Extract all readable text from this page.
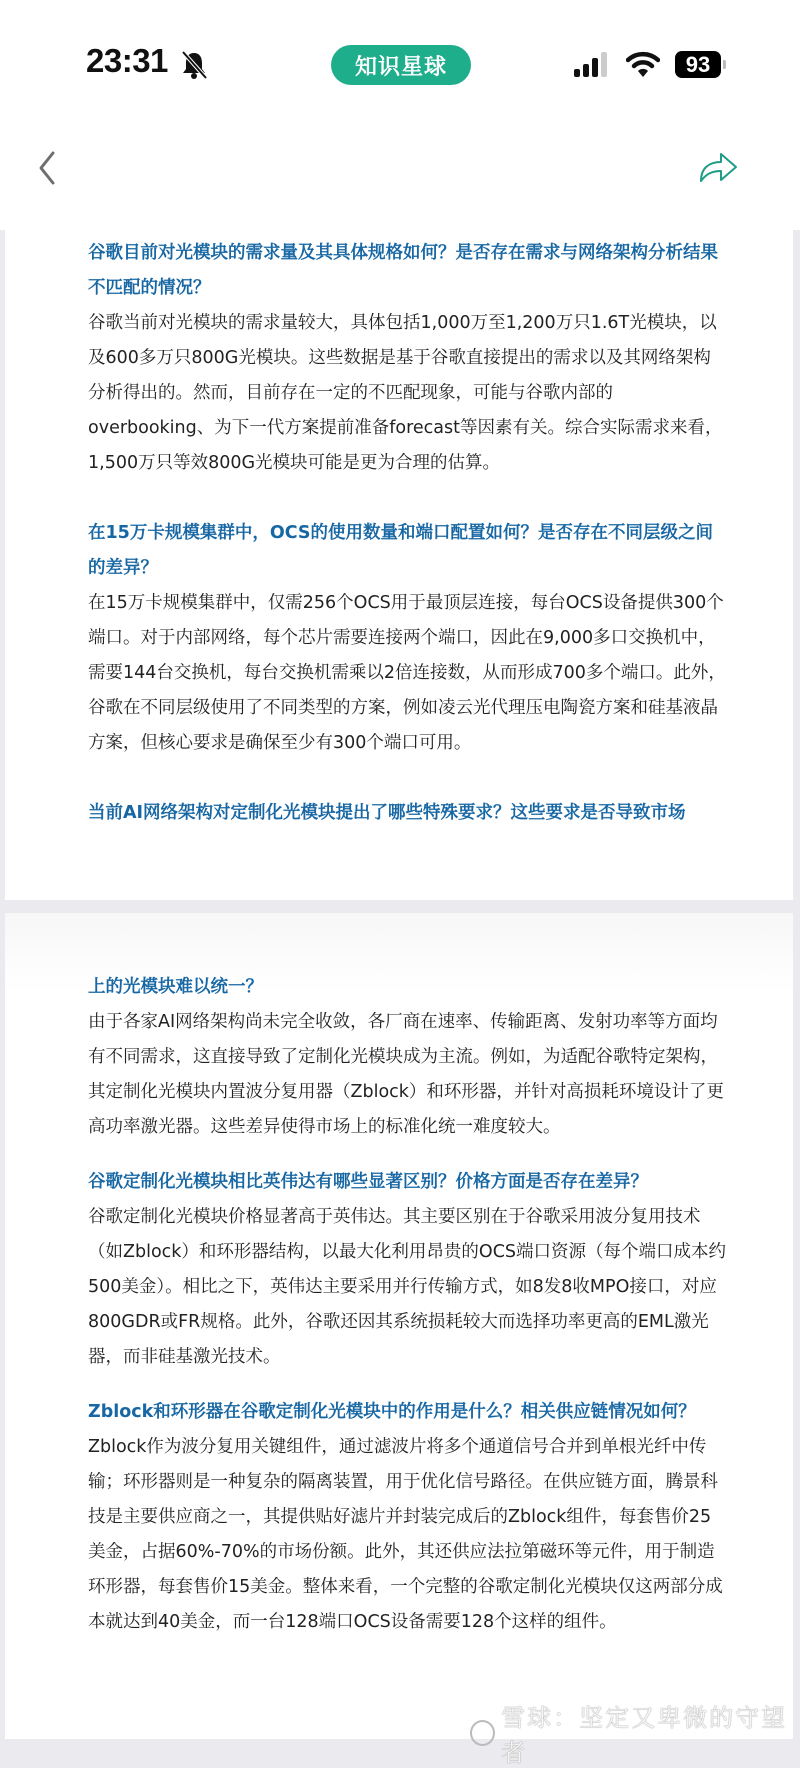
23:31	知识星球	93

谷歌目前对光模块的需求量及其具体规格如何？是否存在需求与网络架构分析结果不匹配的情况？

谷歌当前对光模块的需求量较大，具体包括1,000万至1,200万只1.6T光模块，以及600多万只800G光模块。这些数据是基于谷歌直接提出的需求以及其网络架构分析得出的。然而，目前存在一定的不匹配现象，可能与谷歌内部的overbooking、为下一代方案提前准备forecast等因素有关。综合实际需求来看，1,500万只等效800G光模块可能是更为合理的估算。

在15万卡规模集群中，OCS的使用数量和端口配置如何？是否存在不同层级之间的差异？

在15万卡规模集群中，仅需256个OCS用于最顶层连接，每台OCS设备提供300个端口。对于内部网络，每个芯片需要连接两个端口，因此在9,000多口交换机中，需要144台交换机，每台交换机需乘以2倍连接数，从而形成700多个端口。此外，谷歌在不同层级使用了不同类型的方案，例如凌云光代理压电陶瓷方案和硅基液晶方案，但核心要求是确保至少有300个端口可用。

当前AI网络架构对定制化光模块提出了哪些特殊要求？这些要求是否导致市场

上的光模块难以统一？

由于各家AI网络架构尚未完全收敛，各厂商在速率、传输距离、发射功率等方面均有不同需求，这直接导致了定制化光模块成为主流。例如，为适配谷歌特定架构，其定制化光模块内置波分复用器（Zblock）和环形器，并针对高损耗环境设计了更高功率激光器。这些差异使得市场上的标准化统一难度较大。

谷歌定制化光模块相比英伟达有哪些显著区别？价格方面是否存在差异？

谷歌定制化光模块价格显著高于英伟达。其主要区别在于谷歌采用波分复用技术（如Zblock）和环形器结构，以最大化利用昂贵的OCS端口资源（每个端口成本约500美金）。相比之下，英伟达主要采用并行传输方式，如8发8收MPO接口，对应800GDR或FR规格。此外，谷歌还因其系统损耗较大而选择功率更高的EML激光器，而非硅基激光技术。

Zblock和环形器在谷歌定制化光模块中的作用是什么？相关供应链情况如何？

Zblock作为波分复用关键组件，通过滤波片将多个通道信号合并到单根光纤中传输；环形器则是一种复杂的隔离装置，用于优化信号路径。在供应链方面，腾景科技是主要供应商之一，其提供贴好滤片并封装完成后的Zblock组件，每套售价25美金，占据60%-70%的市场份额。此外，其还供应法拉第磁环等元件，用于制造环形器，每套售价15美金。整体来看，一个完整的谷歌定制化光模块仅这两部分成本就达到40美金，而一台128端口OCS设备需要128个这样的组件。

雪球：坚定又卑微的守望者
